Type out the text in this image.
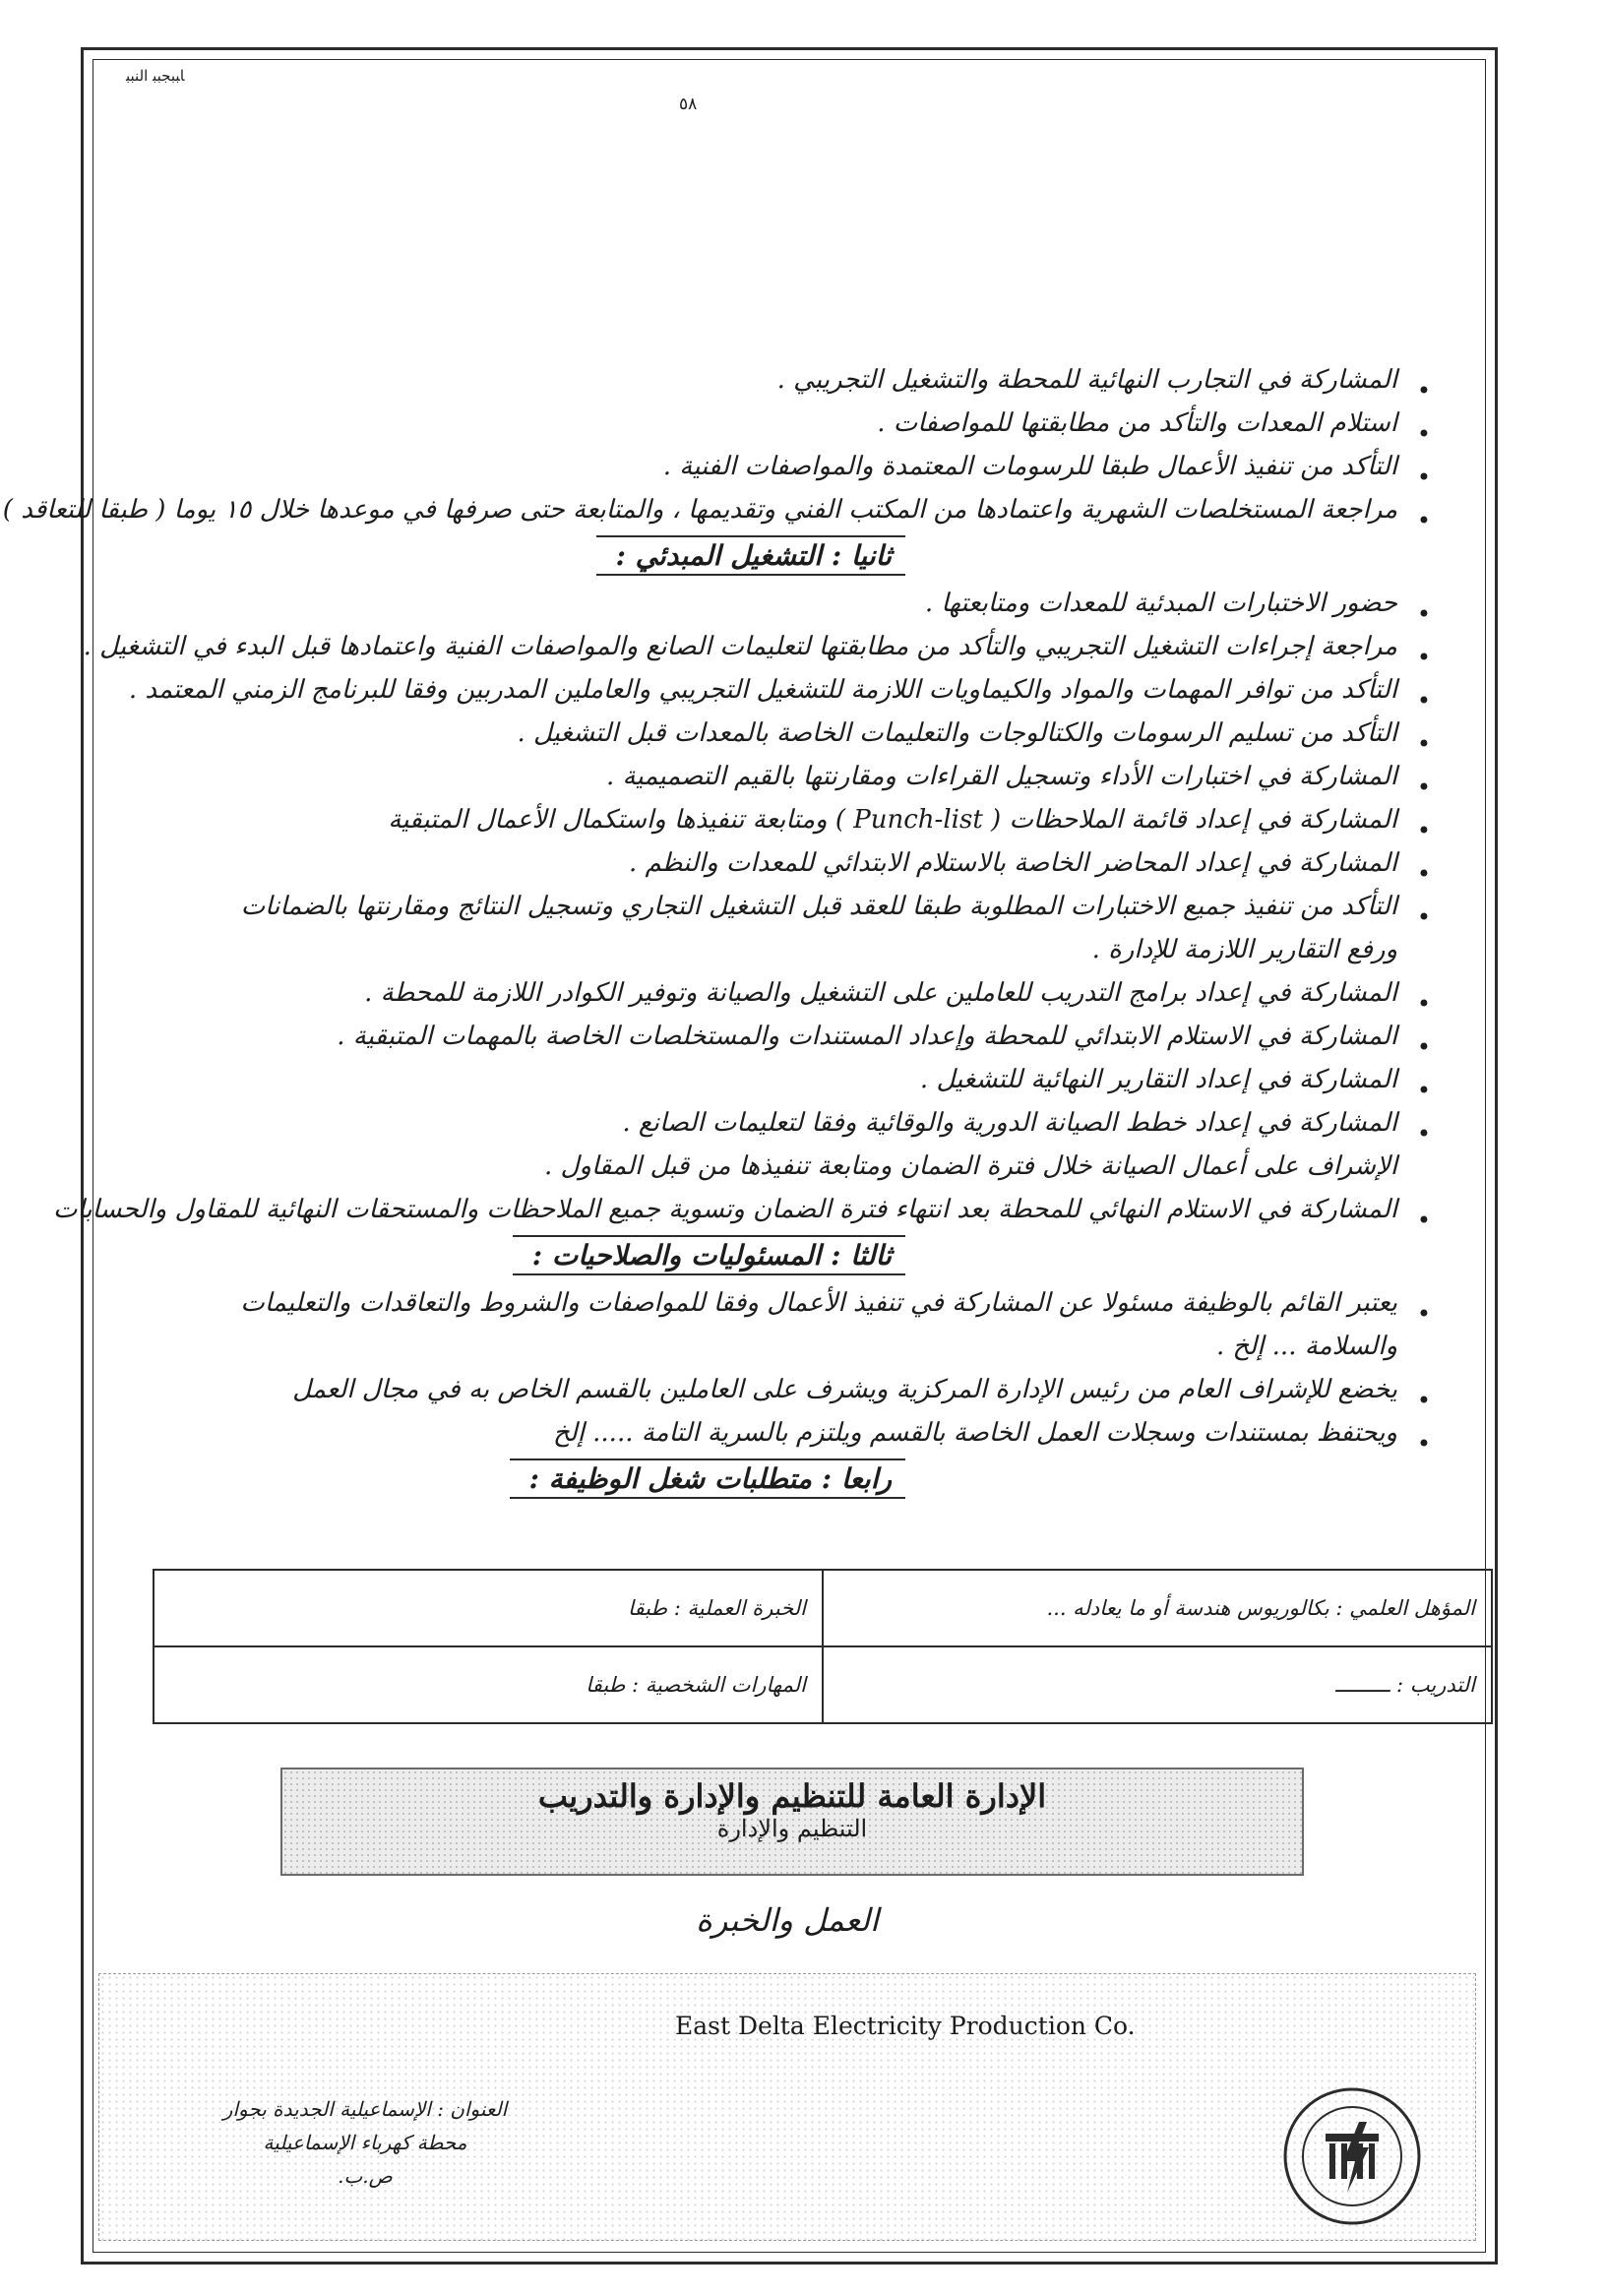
ﺎﺒﺒﺠﺒﺒ ﺍﻟﻨﺒﺒ
٥٨
•
ﺍﻟﻤﺸﺎﺭﻛﺔ ﻓﻲ ﺍﻟﺘﺠﺎﺭﺏ ﺍﻟﻨﻬﺎﺋﻴﺔ ﻟﻠﻤﺤﻄﺔ ﻭﺍﻟﺘﺸﻐﻴﻞ ﺍﻟﺘﺠﺮﻳﺒﻲ .
•
ﺍﺳﺘﻼﻡ ﺍﻟﻤﻌﺪﺍﺕ ﻭﺍﻟﺘﺄﻛﺪ ﻣﻦ ﻣﻄﺎﺑﻘﺘﻬﺎ ﻟﻠﻤﻮﺍﺻﻔﺎﺕ .
•
ﺍﻟﺘﺄﻛﺪ ﻣﻦ ﺗﻨﻔﻴﺬ ﺍﻷﻋﻤﺎﻝ ﻃﺒﻘﺎ ﻟﻠﺮﺳﻮﻣﺎﺕ ﺍﻟﻤﻌﺘﻤﺪﺓ ﻭﺍﻟﻤﻮﺍﺻﻔﺎﺕ ﺍﻟﻔﻨﻴﺔ .
•
ﻣﺮﺍﺟﻌﺔ ﺍﻟﻤﺴﺘﺨﻠﺼﺎﺕ ﺍﻟﺸﻬﺮﻳﺔ ﻭﺍﻋﺘﻤﺎﺩﻫﺎ ﻣﻦ ﺍﻟﻤﻜﺘﺐ ﺍﻟﻔﻨﻲ ﻭﺗﻘﺪﻳﻤﻬﺎ ، ﻭﺍﻟﻤﺘﺎﺑﻌﺔ ﺣﺘﻰ ﺻﺮﻓﻬﺎ ﻓﻲ ﻣﻮﻋﺪﻫﺎ ﺧﻼﻝ ١٥ ﻳﻮﻣﺎ ( ﻃﺒﻘﺎ ﻟﻠﺘﻌﺎﻗﺪ )
ﺛﺎﻧﻴﺎ : ﺍﻟﺘﺸﻐﻴﻞ ﺍﻟﻤﺒﺪﺋﻲ :
•
ﺣﻀﻮﺭ ﺍﻻﺧﺘﺒﺎﺭﺍﺕ ﺍﻟﻤﺒﺪﺋﻴﺔ ﻟﻠﻤﻌﺪﺍﺕ ﻭﻣﺘﺎﺑﻌﺘﻬﺎ .
•
ﻣﺮﺍﺟﻌﺔ ﺇﺟﺮﺍﺀﺍﺕ ﺍﻟﺘﺸﻐﻴﻞ ﺍﻟﺘﺠﺮﻳﺒﻲ ﻭﺍﻟﺘﺄﻛﺪ ﻣﻦ ﻣﻄﺎﺑﻘﺘﻬﺎ ﻟﺘﻌﻠﻴﻤﺎﺕ ﺍﻟﺼﺎﻧﻊ ﻭﺍﻟﻤﻮﺍﺻﻔﺎﺕ ﺍﻟﻔﻨﻴﺔ ﻭﺍﻋﺘﻤﺎﺩﻫﺎ ﻗﺒﻞ ﺍﻟﺒﺪﺀ ﻓﻲ ﺍﻟﺘﺸﻐﻴﻞ .
•
ﺍﻟﺘﺄﻛﺪ ﻣﻦ ﺗﻮﺍﻓﺮ ﺍﻟﻤﻬﻤﺎﺕ ﻭﺍﻟﻤﻮﺍﺩ ﻭﺍﻟﻜﻴﻤﺎﻭﻳﺎﺕ ﺍﻟﻼﺯﻣﺔ ﻟﻠﺘﺸﻐﻴﻞ ﺍﻟﺘﺠﺮﻳﺒﻲ ﻭﺍﻟﻌﺎﻣﻠﻴﻦ ﺍﻟﻤﺪﺭﺑﻴﻦ ﻭﻓﻘﺎ ﻟﻠﺒﺮﻧﺎﻣﺞ ﺍﻟﺰﻣﻨﻲ ﺍﻟﻤﻌﺘﻤﺪ .
•
ﺍﻟﺘﺄﻛﺪ ﻣﻦ ﺗﺴﻠﻴﻢ ﺍﻟﺮﺳﻮﻣﺎﺕ ﻭﺍﻟﻜﺘﺎﻟﻮﺟﺎﺕ ﻭﺍﻟﺘﻌﻠﻴﻤﺎﺕ ﺍﻟﺨﺎﺻﺔ ﺑﺎﻟﻤﻌﺪﺍﺕ ﻗﺒﻞ ﺍﻟﺘﺸﻐﻴﻞ .
•
ﺍﻟﻤﺸﺎﺭﻛﺔ ﻓﻲ ﺍﺧﺘﺒﺎﺭﺍﺕ ﺍﻷﺩﺍﺀ ﻭﺗﺴﺠﻴﻞ ﺍﻟﻘﺮﺍﺀﺍﺕ ﻭﻣﻘﺎﺭﻧﺘﻬﺎ ﺑﺎﻟﻘﻴﻢ ﺍﻟﺘﺼﻤﻴﻤﻴﺔ .
•
ﺍﻟﻤﺸﺎﺭﻛﺔ ﻓﻲ ﺇﻋﺪﺍﺩ ﻗﺎﺋﻤﺔ ﺍﻟﻤﻼﺣﻈﺎﺕ ( Punch-list ) ﻭﻣﺘﺎﺑﻌﺔ ﺗﻨﻔﻴﺬﻫﺎ ﻭﺍﺳﺘﻜﻤﺎﻝ ﺍﻷﻋﻤﺎﻝ ﺍﻟﻤﺘﺒﻘﻴﺔ
•
ﺍﻟﻤﺸﺎﺭﻛﺔ ﻓﻲ ﺇﻋﺪﺍﺩ ﺍﻟﻤﺤﺎﺿﺮ ﺍﻟﺨﺎﺻﺔ ﺑﺎﻻﺳﺘﻼﻡ ﺍﻻﺑﺘﺪﺍﺋﻲ ﻟﻠﻤﻌﺪﺍﺕ ﻭﺍﻟﻨﻈﻢ .
•
ﺍﻟﺘﺄﻛﺪ ﻣﻦ ﺗﻨﻔﻴﺬ ﺟﻤﻴﻊ ﺍﻻﺧﺘﺒﺎﺭﺍﺕ ﺍﻟﻤﻄﻠﻮﺑﺔ ﻃﺒﻘﺎ ﻟﻠﻌﻘﺪ ﻗﺒﻞ ﺍﻟﺘﺸﻐﻴﻞ ﺍﻟﺘﺠﺎﺭﻱ ﻭﺗﺴﺠﻴﻞ ﺍﻟﻨﺘﺎﺋﺞ ﻭﻣﻘﺎﺭﻧﺘﻬﺎ ﺑﺎﻟﻀﻤﺎﻧﺎﺕ
ﻭﺭﻓﻊ ﺍﻟﺘﻘﺎﺭﻳﺮ ﺍﻟﻼﺯﻣﺔ ﻟﻺﺩﺍﺭﺓ .
•
ﺍﻟﻤﺸﺎﺭﻛﺔ ﻓﻲ ﺇﻋﺪﺍﺩ ﺑﺮﺍﻣﺞ ﺍﻟﺘﺪﺭﻳﺐ ﻟﻠﻌﺎﻣﻠﻴﻦ ﻋﻠﻰ ﺍﻟﺘﺸﻐﻴﻞ ﻭﺍﻟﺼﻴﺎﻧﺔ ﻭﺗﻮﻓﻴﺮ ﺍﻟﻜﻮﺍﺩﺭ ﺍﻟﻼﺯﻣﺔ ﻟﻠﻤﺤﻄﺔ .
•
ﺍﻟﻤﺸﺎﺭﻛﺔ ﻓﻲ ﺍﻻﺳﺘﻼﻡ ﺍﻻﺑﺘﺪﺍﺋﻲ ﻟﻠﻤﺤﻄﺔ ﻭﺇﻋﺪﺍﺩ ﺍﻟﻤﺴﺘﻨﺪﺍﺕ ﻭﺍﻟﻤﺴﺘﺨﻠﺼﺎﺕ ﺍﻟﺨﺎﺻﺔ ﺑﺎﻟﻤﻬﻤﺎﺕ ﺍﻟﻤﺘﺒﻘﻴﺔ .
•
ﺍﻟﻤﺸﺎﺭﻛﺔ ﻓﻲ ﺇﻋﺪﺍﺩ ﺍﻟﺘﻘﺎﺭﻳﺮ ﺍﻟﻨﻬﺎﺋﻴﺔ ﻟﻠﺘﺸﻐﻴﻞ .
•
ﺍﻟﻤﺸﺎﺭﻛﺔ ﻓﻲ ﺇﻋﺪﺍﺩ ﺧﻄﻂ ﺍﻟﺼﻴﺎﻧﺔ ﺍﻟﺪﻭﺭﻳﺔ ﻭﺍﻟﻮﻗﺎﺋﻴﺔ ﻭﻓﻘﺎ ﻟﺘﻌﻠﻴﻤﺎﺕ ﺍﻟﺼﺎﻧﻊ .
ﺍﻹﺷﺮﺍﻑ ﻋﻠﻰ ﺃﻋﻤﺎﻝ ﺍﻟﺼﻴﺎﻧﺔ ﺧﻼﻝ ﻓﺘﺮﺓ ﺍﻟﻀﻤﺎﻥ ﻭﻣﺘﺎﺑﻌﺔ ﺗﻨﻔﻴﺬﻫﺎ ﻣﻦ ﻗﺒﻞ ﺍﻟﻤﻘﺎﻭﻝ .
•
ﺍﻟﻤﺸﺎﺭﻛﺔ ﻓﻲ ﺍﻻﺳﺘﻼﻡ ﺍﻟﻨﻬﺎﺋﻲ ﻟﻠﻤﺤﻄﺔ ﺑﻌﺪ ﺍﻧﺘﻬﺎﺀ ﻓﺘﺮﺓ ﺍﻟﻀﻤﺎﻥ ﻭﺗﺴﻮﻳﺔ ﺟﻤﻴﻊ ﺍﻟﻤﻼﺣﻈﺎﺕ ﻭﺍﻟﻤﺴﺘﺤﻘﺎﺕ ﺍﻟﻨﻬﺎﺋﻴﺔ ﻟﻠﻤﻘﺎﻭﻝ ﻭﺍﻟﺤﺴﺎﺑﺎﺕ
ﺛﺎﻟﺜﺎ : ﺍﻟﻤﺴﺌﻮﻟﻴﺎﺕ ﻭﺍﻟﺼﻼﺣﻴﺎﺕ :
•
ﻳﻌﺘﺒﺮ ﺍﻟﻘﺎﺋﻢ ﺑﺎﻟﻮﻇﻴﻔﺔ ﻣﺴﺌﻮﻻ ﻋﻦ ﺍﻟﻤﺸﺎﺭﻛﺔ ﻓﻲ ﺗﻨﻔﻴﺬ ﺍﻷﻋﻤﺎﻝ ﻭﻓﻘﺎ ﻟﻠﻤﻮﺍﺻﻔﺎﺕ ﻭﺍﻟﺸﺮﻭﻁ ﻭﺍﻟﺘﻌﺎﻗﺪﺍﺕ ﻭﺍﻟﺘﻌﻠﻴﻤﺎﺕ
ﻭﺍﻟﺴﻼﻣﺔ ... ﺇﻟﺦ .
•
ﻳﺨﻀﻊ ﻟﻺﺷﺮﺍﻑ ﺍﻟﻌﺎﻡ ﻣﻦ ﺭﺋﻴﺲ ﺍﻹﺩﺍﺭﺓ ﺍﻟﻤﺮﻛﺰﻳﺔ ﻭﻳﺸﺮﻑ ﻋﻠﻰ ﺍﻟﻌﺎﻣﻠﻴﻦ ﺑﺎﻟﻘﺴﻢ ﺍﻟﺨﺎﺹ ﺑﻪ ﻓﻲ ﻣﺠﺎﻝ ﺍﻟﻌﻤﻞ
•
ﻭﻳﺤﺘﻔﻆ ﺑﻤﺴﺘﻨﺪﺍﺕ ﻭﺳﺠﻼﺕ ﺍﻟﻌﻤﻞ ﺍﻟﺨﺎﺻﺔ ﺑﺎﻟﻘﺴﻢ ﻭﻳﻠﺘﺰﻡ ﺑﺎﻟﺴﺮﻳﺔ ﺍﻟﺘﺎﻣﺔ ..... ﺇﻟﺦ
ﺭﺍﺑﻌﺎ : ﻣﺘﻄﻠﺒﺎﺕ ﺷﻐﻞ ﺍﻟﻮﻇﻴﻔﺔ :
ﺍﻟﻤﺆﻫﻞ ﺍﻟﻌﻠﻤﻲ : ﺑﻜﺎﻟﻮﺭﻳﻮﺱ ﻫﻨﺪﺳﺔ ﺃﻭ ﻣﺎ ﻳﻌﺎﺩﻟﻪ ...	ﺍﻟﺨﺒﺮﺓ ﺍﻟﻌﻤﻠﻴﺔ : ﻃﺒﻘﺎ
ﺍﻟﺘﺪﺭﻳﺐ : ـــــــــ	ﺍﻟﻤﻬﺎﺭﺍﺕ ﺍﻟﺸﺨﺼﻴﺔ : ﻃﺒﻘﺎ
ﺍﻹﺩﺍﺭﺓ ﺍﻟﻌﺎﻣﺔ ﻟﻠﺘﻨﻈﻴﻢ ﻭﺍﻹﺩﺍﺭﺓ ﻭﺍﻟﺘﺪﺭﻳﺐ
ﺍﻟﺘﻨﻈﻴﻢ ﻭﺍﻹﺩﺍﺭﺓ
ﺍﻟﻌﻤﻞ ﻭﺍﻟﺨﺒﺮﺓ
East Delta Electricity Production Co.
ﺍﻟﻌﻨﻮﺍﻥ : ﺍﻹﺳﻤﺎﻋﻴﻠﻴﺔ ﺍﻟﺠﺪﻳﺪﺓ ﺑﺠﻮﺍﺭ
ﻣﺤﻄﺔ ﻛﻬﺮﺑﺎﺀ ﺍﻹﺳﻤﺎﻋﻴﻠﻴﺔ
ﺹ.ﺏ.
